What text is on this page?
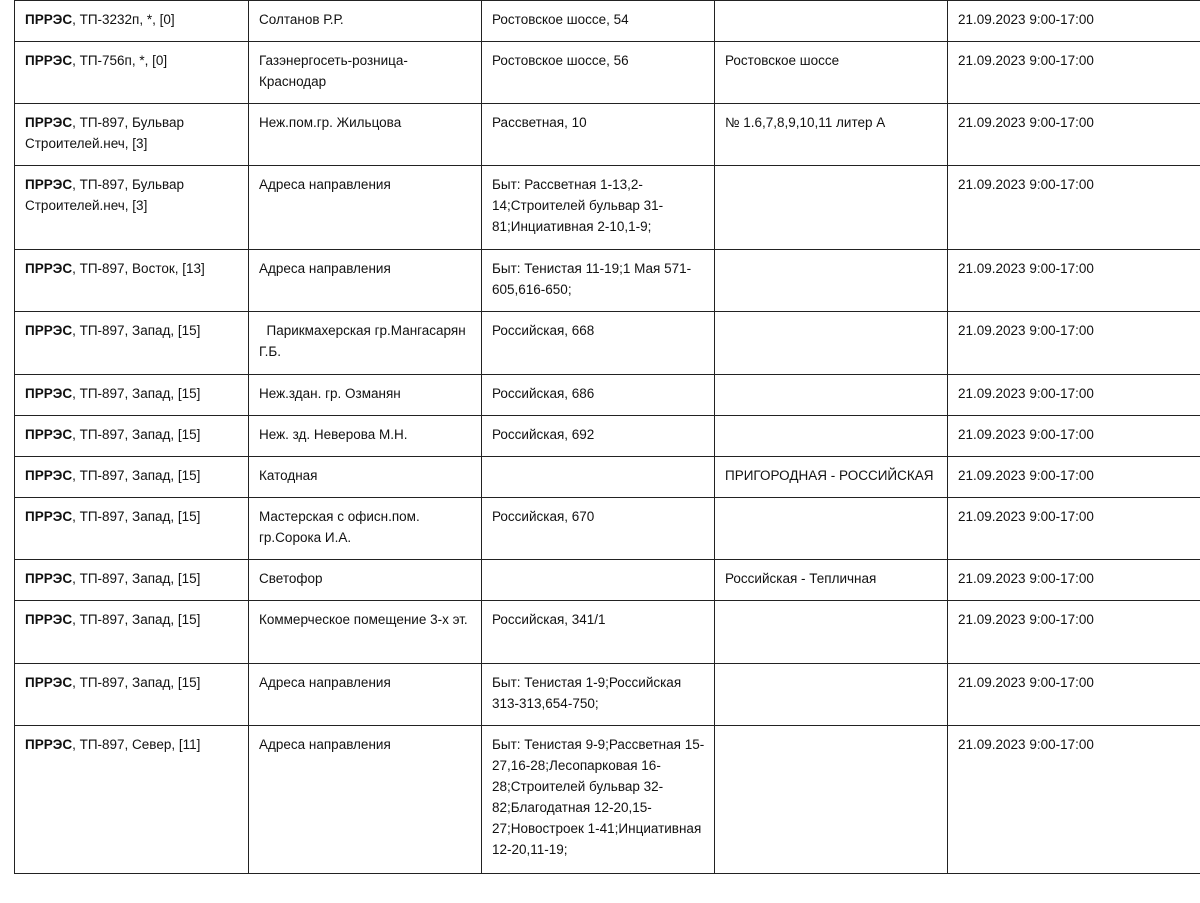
ПРРЭС, ТП-3232п, *, [0]	Солтанов Р.Р.	Ростовское шоссе, 54		21.09.2023 9:00-17:00
ПРРЭС, ТП-756п, *, [0]	Газэнергосеть-розница-Краснодар	Ростовское шоссе, 56	Ростовское шоссе	21.09.2023 9:00-17:00
ПРРЭС, ТП-897, Бульвар Строителей.неч, [3]	Неж.пом.гр. Жильцова	Рассветная, 10	№ 1.6,7,8,9,10,11 литер А	21.09.2023 9:00-17:00
ПРРЭС, ТП-897, Бульвар Строителей.неч, [3]	Адреса направления	Быт: Рассветная 1-13,2-14;Строителей бульвар 31-81;Инциативная 2-10,1-9;		21.09.2023 9:00-17:00
ПРРЭС, ТП-897, Восток, [13]	Адреса направления	Быт: Тенистая 11-19;1 Мая 571-605,616-650;		21.09.2023 9:00-17:00
ПРРЭС, ТП-897, Запад, [15]	Парикмахерская гр.Мангасарян Г.Б.	Российская, 668		21.09.2023 9:00-17:00
ПРРЭС, ТП-897, Запад, [15]	Неж.здан. гр. Озманян	Российская, 686		21.09.2023 9:00-17:00
ПРРЭС, ТП-897, Запад, [15]	Неж. зд. Неверова М.Н.	Российская, 692		21.09.2023 9:00-17:00
ПРРЭС, ТП-897, Запад, [15]	Катодная		ПРИГОРОДНАЯ - РОССИЙСКАЯ	21.09.2023 9:00-17:00
ПРРЭС, ТП-897, Запад, [15]	Мастерская с офисн.пом. гр.Сорока И.А.	Российская, 670		21.09.2023 9:00-17:00
ПРРЭС, ТП-897, Запад, [15]	Светофор		Российская - Тепличная	21.09.2023 9:00-17:00
ПРРЭС, ТП-897, Запад, [15]	Коммерческое помещение 3-х эт.	Российская, 341/1		21.09.2023 9:00-17:00
ПРРЭС, ТП-897, Запад, [15]	Адреса направления	Быт: Тенистая 1-9;Российская 313-313,654-750;		21.09.2023 9:00-17:00
ПРРЭС, ТП-897, Север, [11]	Адреса направления	Быт: Тенистая 9-9;Рассветная 15-27,16-28;Лесопарковая 16-28;Строителей бульвар 32-82;Благодатная 12-20,15-27;Новостроек 1-41;Инциативная 12-20,11-19;		21.09.2023 9:00-17:00
